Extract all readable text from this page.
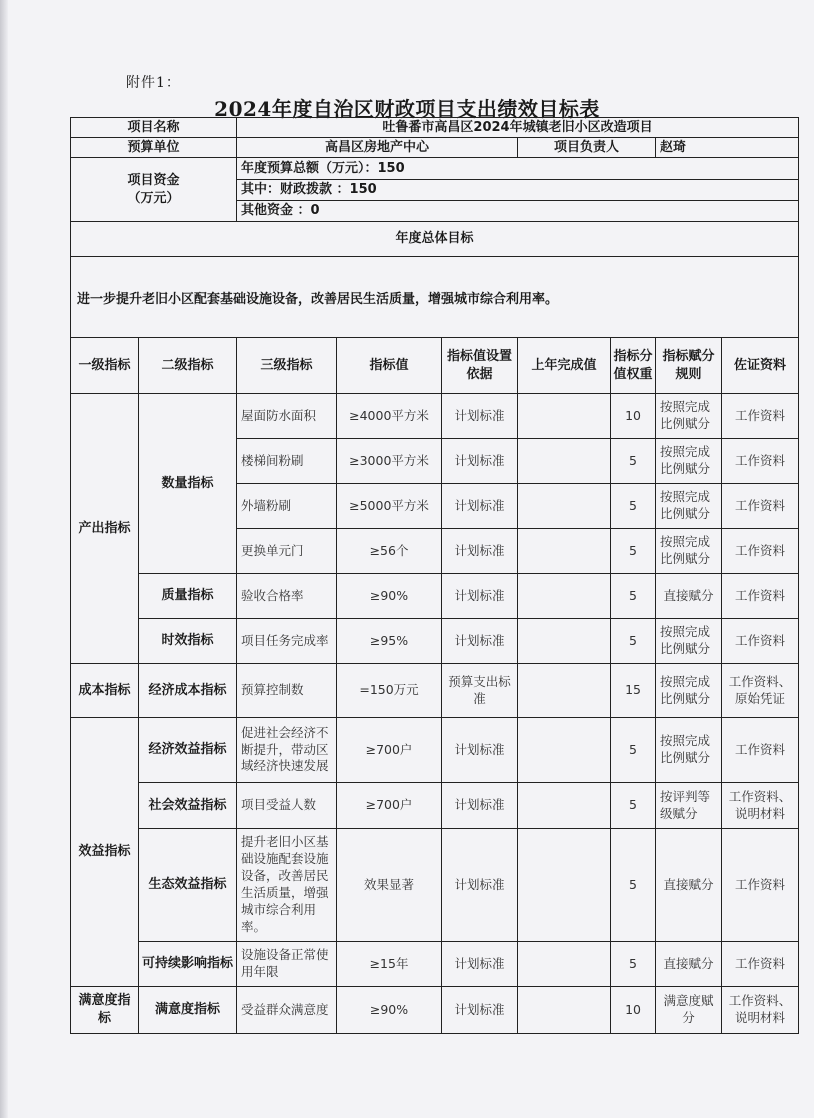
附件1：
2024年度自治区财政项目支出绩效目标表
项目名称		吐鲁番市高昌区2024年城镇老旧小区改造项目						
预算单位		高昌区房地产中心			项目负责人		赵琦	

项目资金
（万元）		年度预算总额（万元）：150						
		其中：财政拨款 ：150						
		其他资金 ：0						
年度总体目标								
进一步提升老旧小区配套基础设施设备，改善居民生活质量，增强城市综合利用率。								
一级指标	二级指标	三级指标	指标值	指标值设置依据	上年完成值	指标分值权重	指标赋分规则	佐证资料
产出指标	数量指标	屋面防水面积	≥4000平方米	计划标准		10	按照完成比例赋分	工作资料
		楼梯间粉刷	≥3000平方米	计划标准		5	按照完成比例赋分	工作资料
		外墙粉刷	≥5000平方米	计划标准		5	按照完成比例赋分	工作资料
		更换单元门	≥56个	计划标准		5	按照完成比例赋分	工作资料
	质量指标	验收合格率	≥90%	计划标准		5	直接赋分	工作资料
	时效指标	项目任务完成率	≥95%	计划标准		5	按照完成比例赋分	工作资料
成本指标	经济成本指标	预算控制数	=150万元	预算支出标准		15	按照完成比例赋分	工作资料、原始凭证
效益指标	经济效益指标	促进社会经济不断提升，带动区域经济快速发展	≥700户	计划标准		5	按照完成比例赋分	工作资料
	社会效益指标	项目受益人数	≥700户	计划标准		5	按评判等级赋分	工作资料、说明材料
	生态效益指标	提升老旧小区基础设施配套设施设备，改善居民生活质量，增强城市综合利用率。	效果显著	计划标准		5	直接赋分	工作资料
	可持续影响指标	设施设备正常使用年限	≥15年	计划标准		5	直接赋分	工作资料
满意度指标	满意度指标	受益群众满意度	≥90%	计划标准		10	满意度赋分	工作资料、说明材料
